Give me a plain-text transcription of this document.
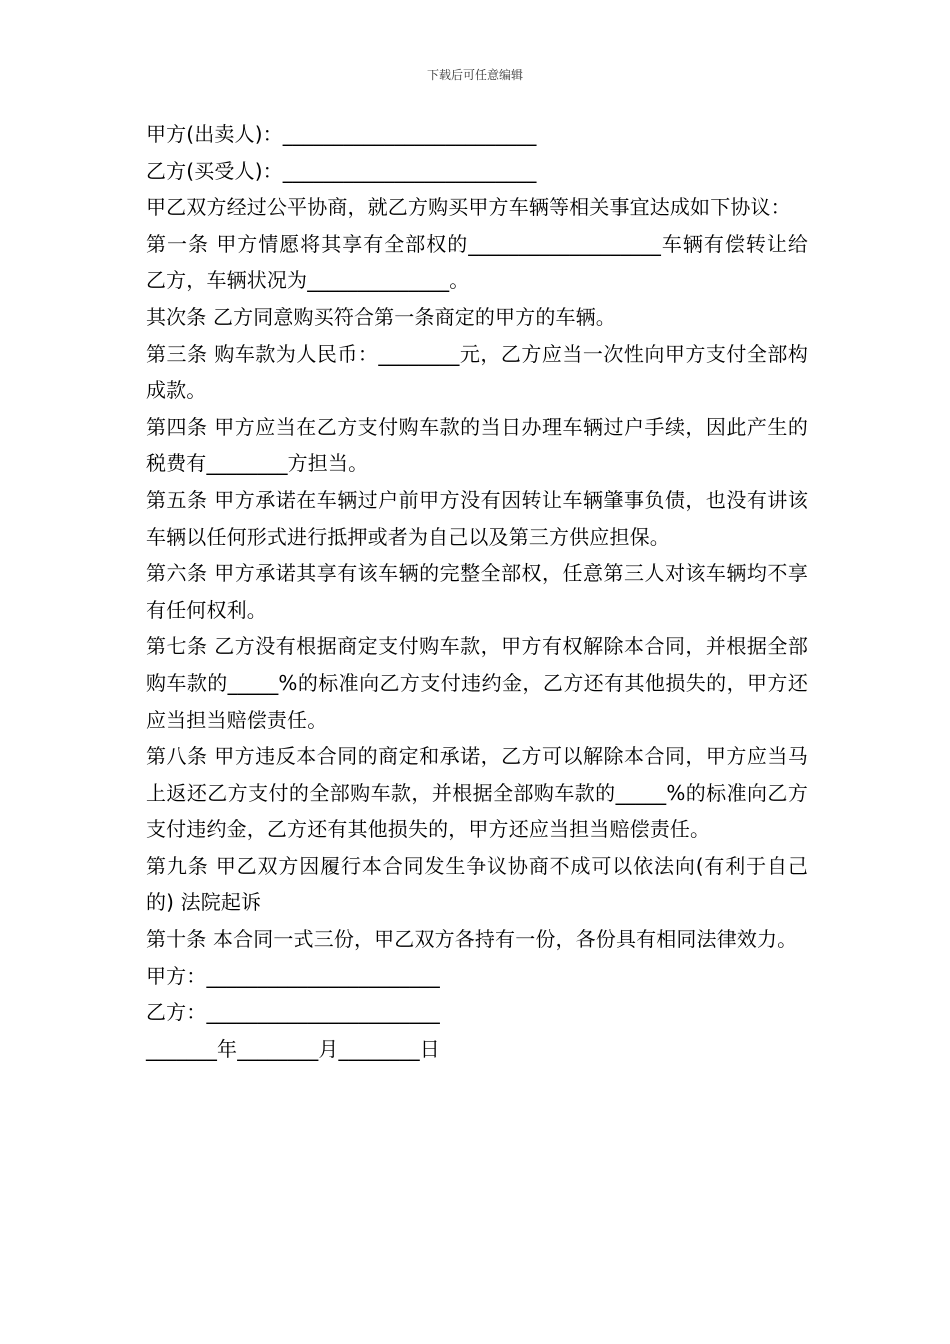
下载后可任意编辑
甲方(出卖人)：_________________________
乙方(买受人)：_________________________
甲乙双方经过公平协商，就乙方购买甲方车辆等相关事宜达成如下协议：
第一条 甲方情愿将其享有全部权的___________________车辆有偿转让给乙方，车辆状况为______________。
其次条 乙方同意购买符合第一条商定的甲方的车辆。
第三条 购车款为人民币：________元，乙方应当一次性向甲方支付全部构成款。
第四条 甲方应当在乙方支付购车款的当日办理车辆过户手续，因此产生的税费有________方担当。
第五条 甲方承诺在车辆过户前甲方没有因转让车辆肇事负债，也没有讲该车辆以任何形式进行抵押或者为自己以及第三方供应担保。
第六条 甲方承诺其享有该车辆的完整全部权，任意第三人对该车辆均不享有任何权利。
第七条 乙方没有根据商定支付购车款，甲方有权解除本合同，并根据全部购车款的_____%的标准向乙方支付违约金，乙方还有其他损失的，甲方还应当担当赔偿责任。
第八条 甲方违反本合同的商定和承诺，乙方可以解除本合同，甲方应当马上返还乙方支付的全部购车款，并根据全部购车款的_____%的标准向乙方支付违约金，乙方还有其他损失的，甲方还应当担当赔偿责任。
第九条 甲乙双方因履行本合同发生争议协商不成可以依法向(有利于自己的) 法院起诉
第十条 本合同一式三份，甲乙双方各持有一份，各份具有相同法律效力。
甲方：_______________________
乙方：_______________________
_______年________月________日
